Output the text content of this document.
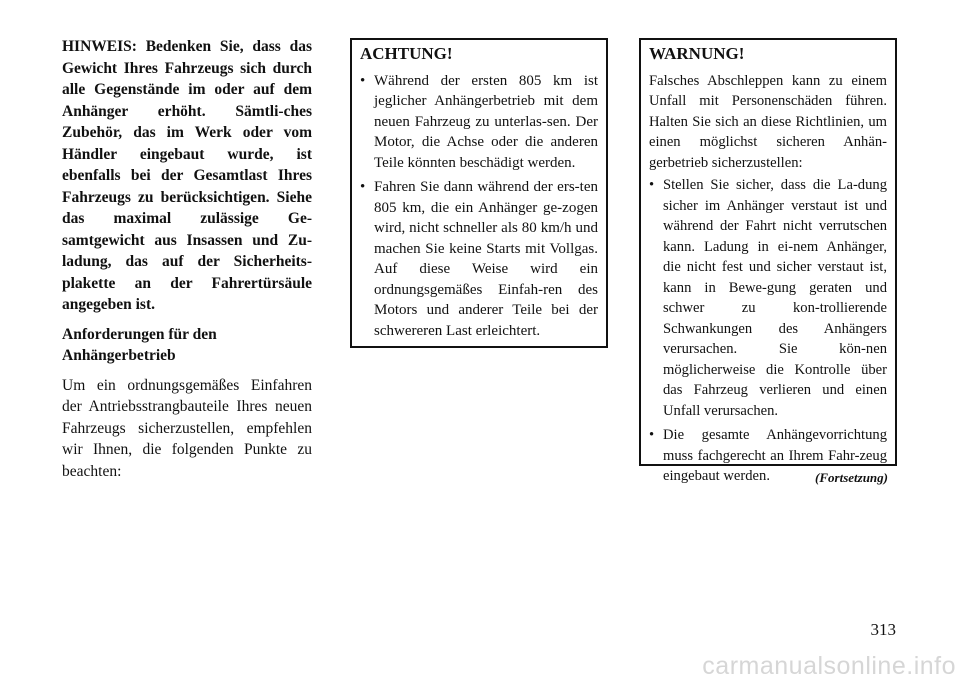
HINWEIS: Bedenken Sie, dass das Gewicht Ihres Fahrzeugs sich durch alle Gegenstände im oder auf dem Anhänger erhöht. Sämtli-ches Zubehör, das im Werk oder vom Händler eingebaut wurde, ist ebenfalls bei der Gesamtlast Ihres Fahrzeugs zu berücksichtigen. Siehe das maximal zulässige Ge-samtgewicht aus Insassen und Zu-ladung, das auf der Sicherheits-plakette an der Fahrertürsäule angegeben ist.

Anforderungen für den Anhängerbetrieb

Um ein ordnungsgemäßes Einfahren der Antriebsstrangbauteile Ihres neuen Fahrzeugs sicherzustellen, empfehlen wir Ihnen, die folgenden Punkte zu beachten:

ACHTUNG!

• Während der ersten 805 km ist jeglicher Anhängerbetrieb mit dem neuen Fahrzeug zu unterlas-sen. Der Motor, die Achse oder die anderen Teile könnten beschädigt werden.
• Fahren Sie dann während der ers-ten 805 km, die ein Anhänger ge-zogen wird, nicht schneller als 80 km/h und machen Sie keine Starts mit Vollgas. Auf diese Weise wird ein ordnungsgemäßes Einfah-ren des Motors und anderer Teile bei der schwereren Last erleichtert.

WARNUNG!

Falsches Abschleppen kann zu einem Unfall mit Personenschäden führen. Halten Sie sich an diese Richtlinien, um einen möglichst sicheren Anhän-gerbetrieb sicherzustellen:

• Stellen Sie sicher, dass die La-dung sicher im Anhänger verstaut ist und während der Fahrt nicht verrutschen kann. Ladung in ei-nem Anhänger, die nicht fest und sicher verstaut ist, kann in Bewe-gung geraten und schwer zu kon-trollierende Schwankungen des Anhängers verursachen. Sie kön-nen möglicherweise die Kontrolle über das Fahrzeug verlieren und einen Unfall verursachen.
• Die gesamte Anhängevorrichtung muss fachgerecht an Ihrem Fahr-zeug eingebaut werden.	(Fortsetzung)
313
carmanualsonline.info
